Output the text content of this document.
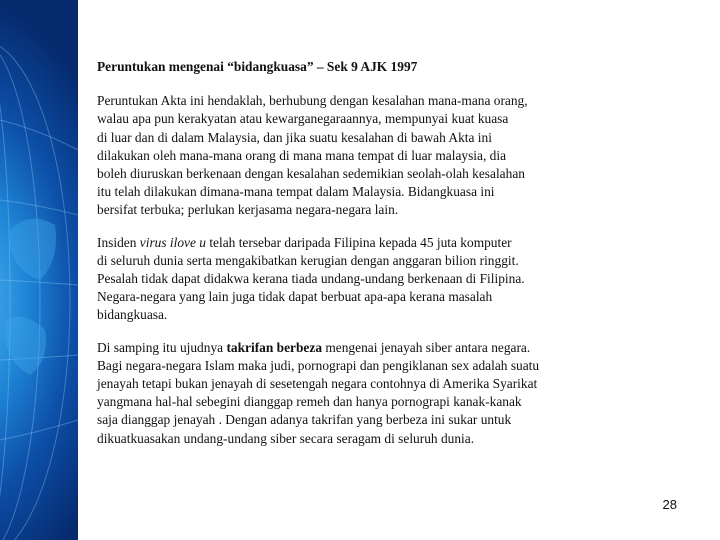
Peruntukan mengenai “bidangkuasa” – Sek 9 AJK 1997

Peruntukan Akta ini hendaklah, berhubung dengan kesalahan mana-mana orang,
walau apa pun kerakyatan atau kewarganegaraannya, mempunyai kuat kuasa
di luar dan di dalam Malaysia, dan jika suatu kesalahan di bawah Akta ini
dilakukan oleh mana-mana orang di mana mana tempat di luar malaysia, dia
boleh diuruskan berkenaan dengan kesalahan sedemikian seolah-olah kesalahan
itu telah dilakukan dimana-mana tempat dalam Malaysia. Bidangkuasa ini
bersifat terbuka; perlukan kerjasama negara-negara lain.

Insiden virus ilove u telah tersebar daripada Filipina kepada 45 juta komputer
di seluruh dunia serta mengakibatkan kerugian dengan anggaran bilion ringgit.
Pesalah tidak dapat didakwa kerana tiada undang-undang berkenaan di Filipina.
Negara-negara yang lain juga tidak dapat berbuat apa-apa kerana masalah
bidangkuasa.

Di samping itu ujudnya takrifan berbeza mengenai jenayah siber antara negara.
Bagi negara-negara Islam maka judi, pornograpi dan pengiklanan sex adalah suatu
jenayah tetapi bukan jenayah di sesetengah negara contohnya di Amerika Syarikat
yangmana hal-hal sebegini dianggap remeh dan hanya pornograpi kanak-kanak
saja dianggap jenayah . Dengan adanya takrifan yang berbeza ini sukar untuk
dikuatkuasakan undang-undang siber secara seragam di seluruh dunia.

28
